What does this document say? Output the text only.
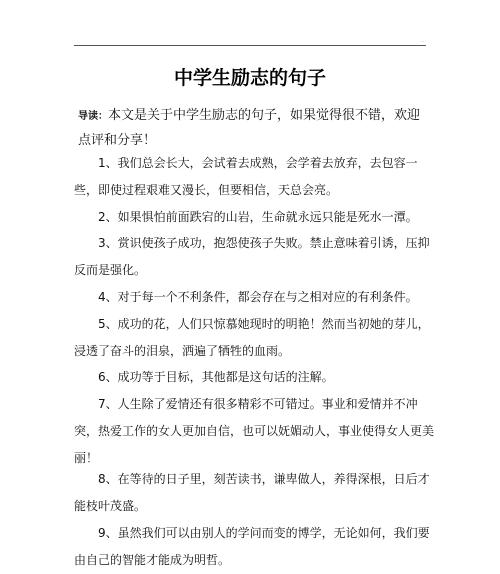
.
中学生励志的句子
导读：本文是关于中学生励志的句子，如果觉得很不错，欢迎点评和分享！
1、我们总会长大，会试着去成熟，会学着去放弃，去包容一些，即使过程艰难又漫长，但要相信，天总会亮。
2、如果惧怕前面跌宕的山岩，生命就永远只能是死水一潭。
3、赏识使孩子成功，抱怨使孩子失败。禁止意味着引诱，压抑反而是强化。
4、对于每一个不利条件，都会存在与之相对应的有利条件。
5、成功的花，人们只惊慕她现时的明艳！然而当初她的芽儿，浸透了奋斗的泪泉，洒遍了牺牲的血雨。
6、成功等于目标，其他都是这句话的注解。
7、人生除了爱情还有很多精彩不可错过。事业和爱情并不冲突，热爱工作的女人更加自信，也可以妩媚动人，事业使得女人更美丽！
8、在等待的日子里，刻苦读书，谦卑做人，养得深根，日后才能枝叶茂盛。
9、虽然我们可以由别人的学问而变的博学，无论如何，我们要由自己的智能才能成为明哲。
